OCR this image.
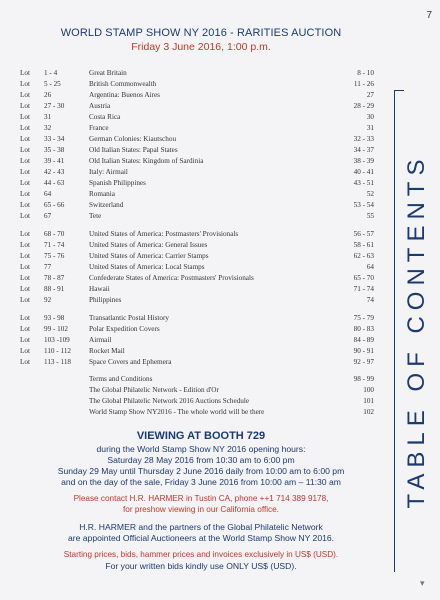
7
WORLD STAMP SHOW NY 2016 - RARITIES AUCTION
Friday 3 June 2016, 1:00 p.m.
Lot 1 - 4	Great Britain	8 - 10
Lot 5 - 25	British Commonwealth	11 - 26
Lot 26	Argentina: Buenos Aires	27
Lot 27 - 30	Austria	28 - 29
Lot 31	Costa Rica	30
Lot 32	France	31
Lot 33 - 34	German Colonies: Kiautschou	32 - 33
Lot 35 - 38	Old Italian States: Papal States	34 - 37
Lot 39 - 41	Old Italian States: Kingdom of Sardinia	38 - 39
Lot 42 - 43	Italy: Airmail	40 - 41
Lot 44 - 63	Spanish Philippines	43 - 51
Lot 64	Romania	52
Lot 65 - 66	Switzerland	53 - 54
Lot 67	Tete	55
Lot 68 - 70	United States of America: Postmasters' Provisionals	56 - 57
Lot 71 - 74	United States of America: General Issues	58 - 61
Lot 75 - 76	United States of America: Carrier Stamps	62 - 63
Lot 77	United States of America: Local Stamps	64
Lot 78 - 87	Confederate States of America: Postmasters' Provisionals	65 - 70
Lot 88 - 91	Hawaii	71 - 74
Lot 92	Philippines	74
Lot 93 - 98	Transatlantic Postal History	75 - 79
Lot 99 - 102	Polar Expedition Covers	80 - 83
Lot 103 -109	Airmail	84 - 89
Lot 110 - 112 Rocket Mail	90 - 91
Lot 113 - 118 Space Covers and Ephemera	92 - 97
Terms and Conditions	98 - 99
The Global Philatelic Network - Edition d'Or	100
The Global Philatelic Network 2016 Auctions Schedule	101
World Stamp Show NY2016 - The whole world will be there	102 TABLE OF CONTENTS
VIEWING AT BOOTH 729
during the World Stamp Show NY 2016 opening hours:
Saturday 28 May 2016 from 10:30 am to 6:00 pm
Sunday 29 May until Thursday 2 June 2016 daily from 10:00 am to 6:00 pm
and on the day of the sale, Friday 3 June 2016 from 10:00 am – 11:30 am
Please contact H.R. HARMER in Tustin CA, phone ++1 714 389 9178,
for preshow viewing in our California office.
H.R. HARMER and the partners of the Global Philatelic Network
are appointed Official Auctioneers at the World Stamp Show NY 2016.
Starting prices, bids, hammer prices and invoices exclusively in US$ (USD).
For your written bids kindly use ONLY US$ (USD).
▾
